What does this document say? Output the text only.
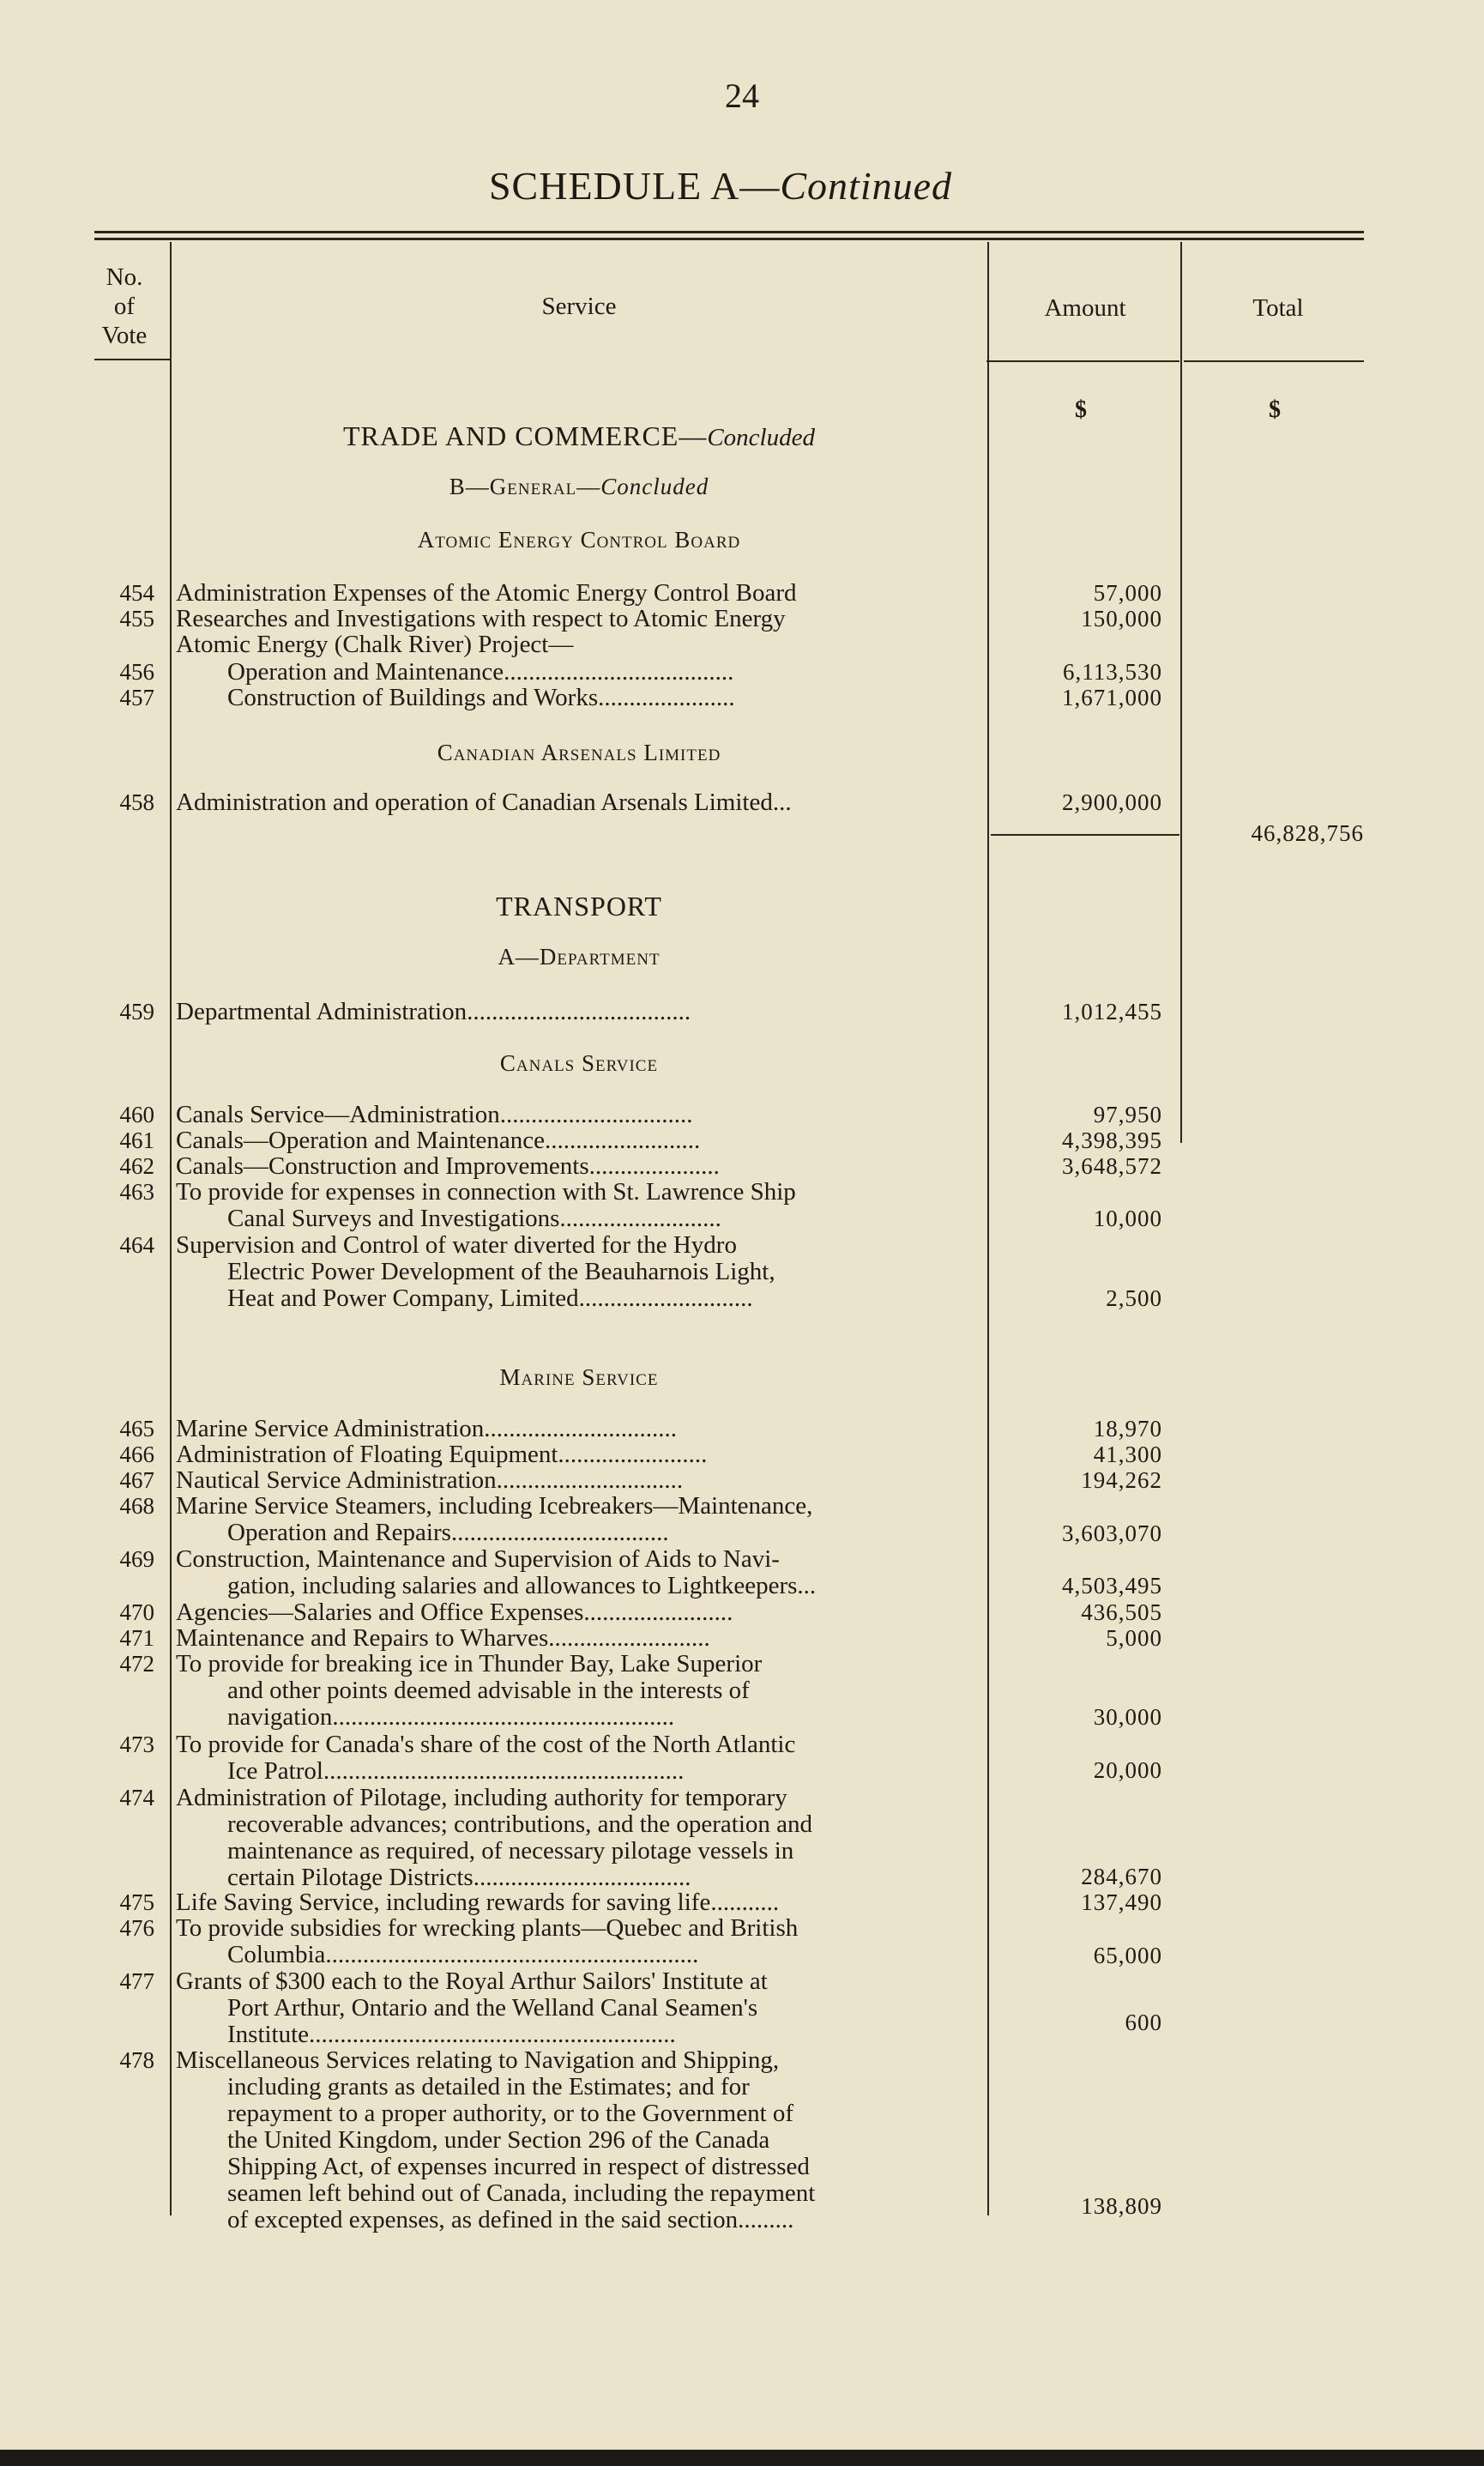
24
SCHEDULE A—Continued
No.
of
Vote
Service	Amount	Total
$	$
TRADE AND COMMERCE—Concluded
B—General—Concluded
Atomic Energy Control Board
454 Administration Expenses of the Atomic Energy Control Board	57,000
455 Researches and Investigations with respect to Atomic Energy	150,000
Atomic Energy (Chalk River) Project—
456	Operation and Maintenance.....................................	6,113,530
457	Construction of Buildings and Works......................	1,671,000
Canadian Arsenals Limited
458 Administration and operation of Canadian Arsenals Limited...	2,900,000
46,828,756
TRANSPORT
A—Department
459 Departmental Administration....................................	1,012,455
Canals Service
460 Canals Service—Administration...............................	97,950
461 Canals—Operation and Maintenance.........................	4,398,395
462 Canals—Construction and Improvements.....................	3,648,572
463 To provide for expenses in connection with St. Lawrence Ship
Canal Surveys and Investigations..........................	10,000
464 Supervision and Control of water diverted for the Hydro
Electric Power Development of the Beauharnois Light,
Heat and Power Company, Limited............................	2,500
Marine Service
465 Marine Service Administration...............................	18,970
466 Administration of Floating Equipment........................	41,300
467 Nautical Service Administration..............................	194,262
468 Marine Service Steamers, including Icebreakers—Maintenance,
Operation and Repairs...................................	3,603,070
469 Construction, Maintenance and Supervision of Aids to Navi-
gation, including salaries and allowances to Lightkeepers...	4,503,495
470 Agencies—Salaries and Office Expenses........................	436,505
471 Maintenance and Repairs to Wharves..........................	5,000
472 To provide for breaking ice in Thunder Bay, Lake Superior
and other points deemed advisable in the interests of
navigation.......................................................	30,000
473 To provide for Canada's share of the cost of the North Atlantic
Ice Patrol..........................................................	20,000
474 Administration of Pilotage, including authority for temporary
recoverable advances; contributions, and the operation and
maintenance as required, of necessary pilotage vessels in
certain Pilotage Districts...................................	284,670
475 Life Saving Service, including rewards for saving life...........	137,490
476 To provide subsidies for wrecking plants—Quebec and British
Columbia............................................................	65,000
477 Grants of $300 each to the Royal Arthur Sailors' Institute at
Port Arthur, Ontario and the Welland Canal Seamen's
Institute...........................................................	600
478 Miscellaneous Services relating to Navigation and Shipping,
including grants as detailed in the Estimates; and for
repayment to a proper authority, or to the Government of
the United Kingdom, under Section 296 of the Canada
Shipping Act, of expenses incurred in respect of distressed
seamen left behind out of Canada, including the repayment
of excepted expenses, as defined in the said section.........	138,809
